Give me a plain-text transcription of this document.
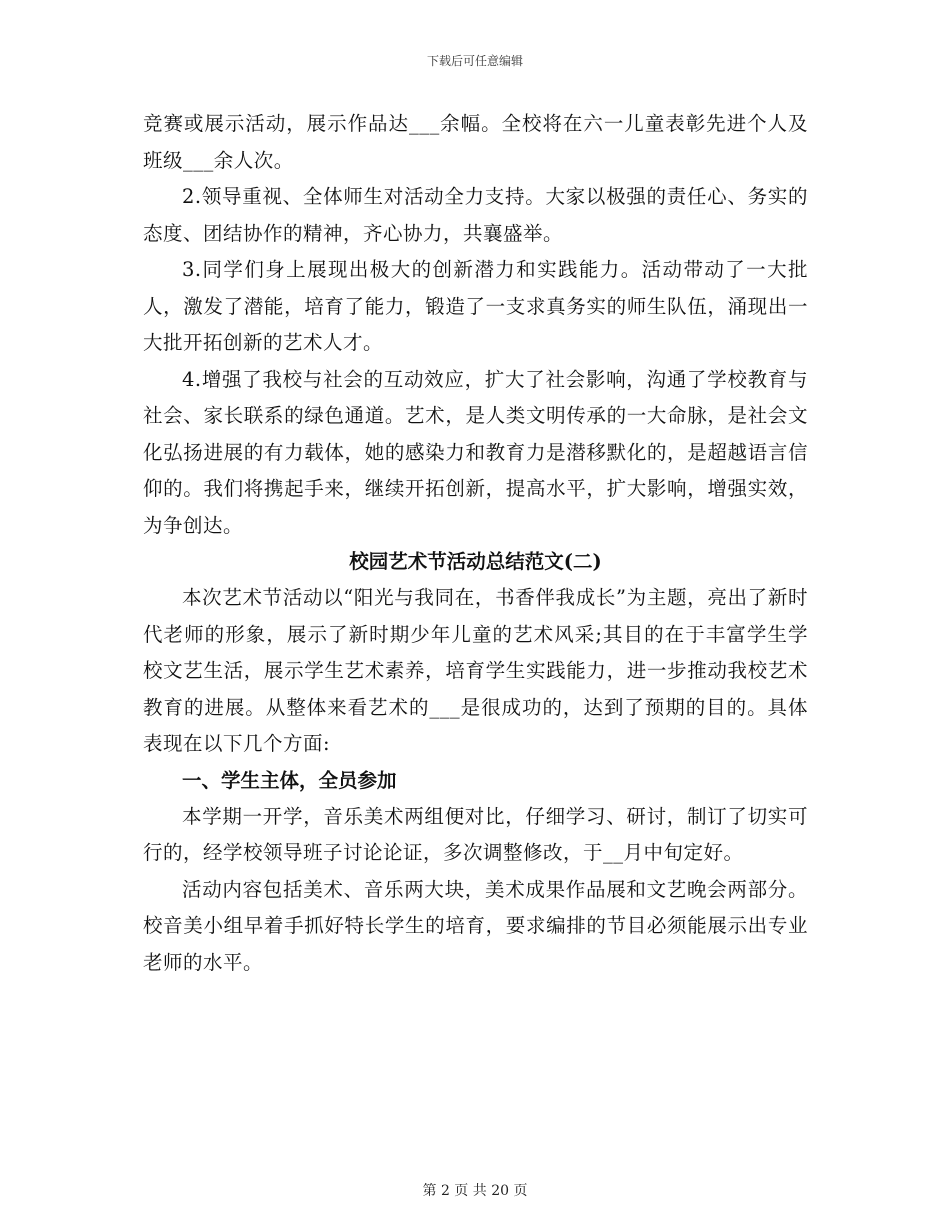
下载后可任意编辑

竞赛或展示活动，展示作品达___余幅。全校将在六一儿童表彰先进个人及班级___余人次。

2.领导重视、全体师生对活动全力支持。大家以极强的责任心、务实的态度、团结协作的精神，齐心协力，共襄盛举。

3.同学们身上展现出极大的创新潜力和实践能力。活动带动了一大批人，激发了潜能，培育了能力，锻造了一支求真务实的师生队伍，涌现出一大批开拓创新的艺术人才。

4.增强了我校与社会的互动效应，扩大了社会影响，沟通了学校教育与社会、家长联系的绿色通道。艺术，是人类文明传承的一大命脉，是社会文化弘扬进展的有力载体，她的感染力和教育力是潜移默化的，是超越语言信仰的。我们将携起手来，继续开拓创新，提高水平，扩大影响，增强实效，为争创达。

校园艺术节活动总结范文(二)

本次艺术节活动以“阳光与我同在，书香伴我成长”为主题，亮出了新时代老师的形象，展示了新时期少年儿童的艺术风采;其目的在于丰富学生学校文艺生活，展示学生艺术素养，培育学生实践能力，进一步推动我校艺术教育的进展。从整体来看艺术的___是很成功的，达到了预期的目的。具体表现在以下几个方面:

一、学生主体，全员参加

本学期一开学，音乐美术两组便对比，仔细学习、研讨，制订了切实可行的，经学校领导班子讨论论证，多次调整修改，于__月中旬定好。

活动内容包括美术、音乐两大块，美术成果作品展和文艺晚会两部分。校音美小组早着手抓好特长学生的培育，要求编排的节目必须能展示出专业老师的水平。

第 2 页 共 20 页
